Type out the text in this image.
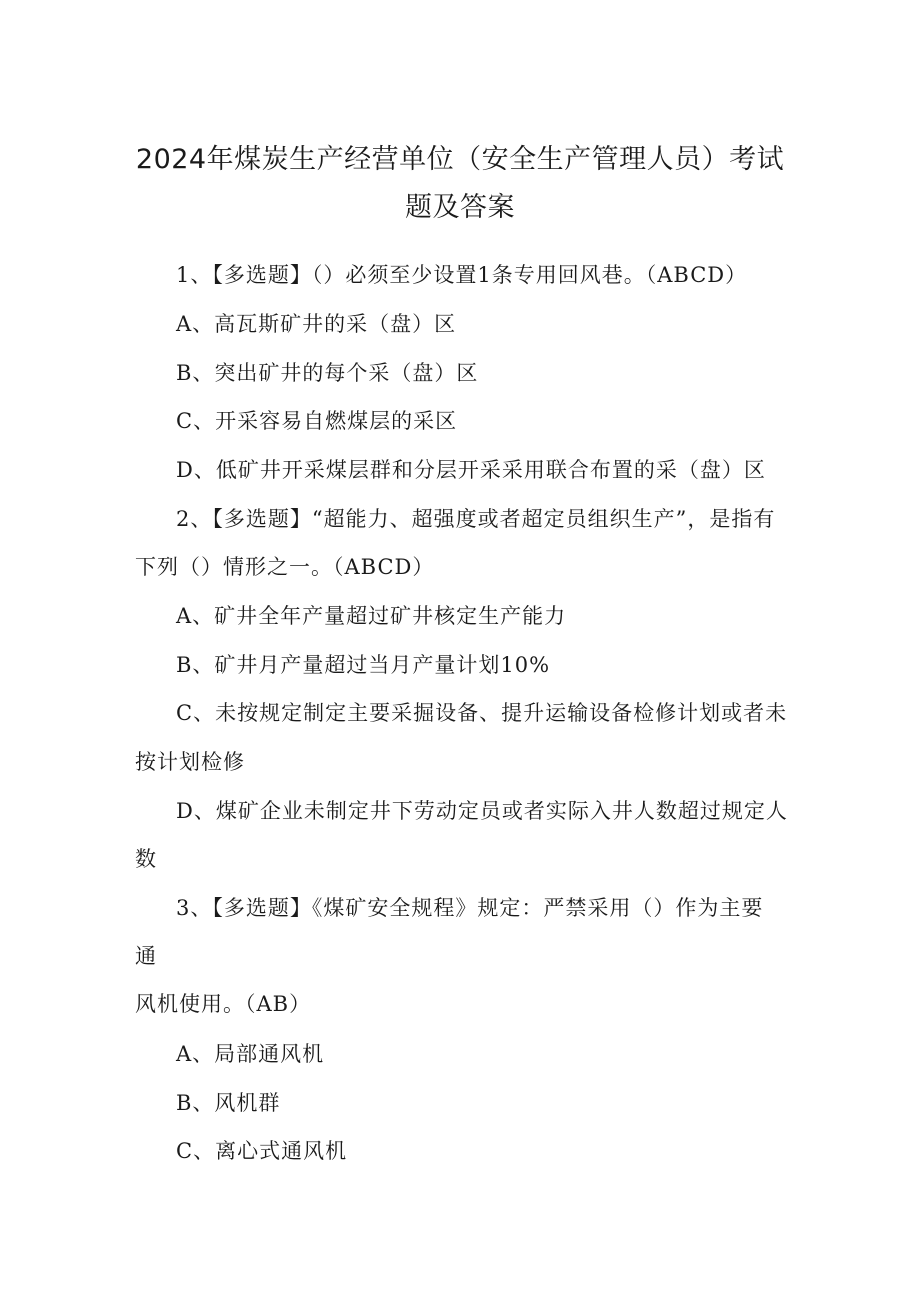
2024年煤炭生产经营单位（安全生产管理人员）考试
题及答案
1、【多选题】（）必须至少设置1条专用回风巷。（ABCD）
A、高瓦斯矿井的采（盘）区
B、突出矿井的每个采（盘）区
C、开采容易自燃煤层的采区
D、低矿井开采煤层群和分层开采采用联合布置的采（盘）区
2、【多选题】“超能力、超强度或者超定员组织生产”，是指有
下列（）情形之一。（ABCD）
A、矿井全年产量超过矿井核定生产能力
B、矿井月产量超过当月产量计划10%
C、未按规定制定主要采掘设备、提升运输设备检修计划或者未
按计划检修
D、煤矿企业未制定井下劳动定员或者实际入井人数超过规定人
数
3、【多选题】《煤矿安全规程》规定：严禁采用（）作为主要
通
风机使用。（AB）
A、局部通风机
B、风机群
C、离心式通风机
